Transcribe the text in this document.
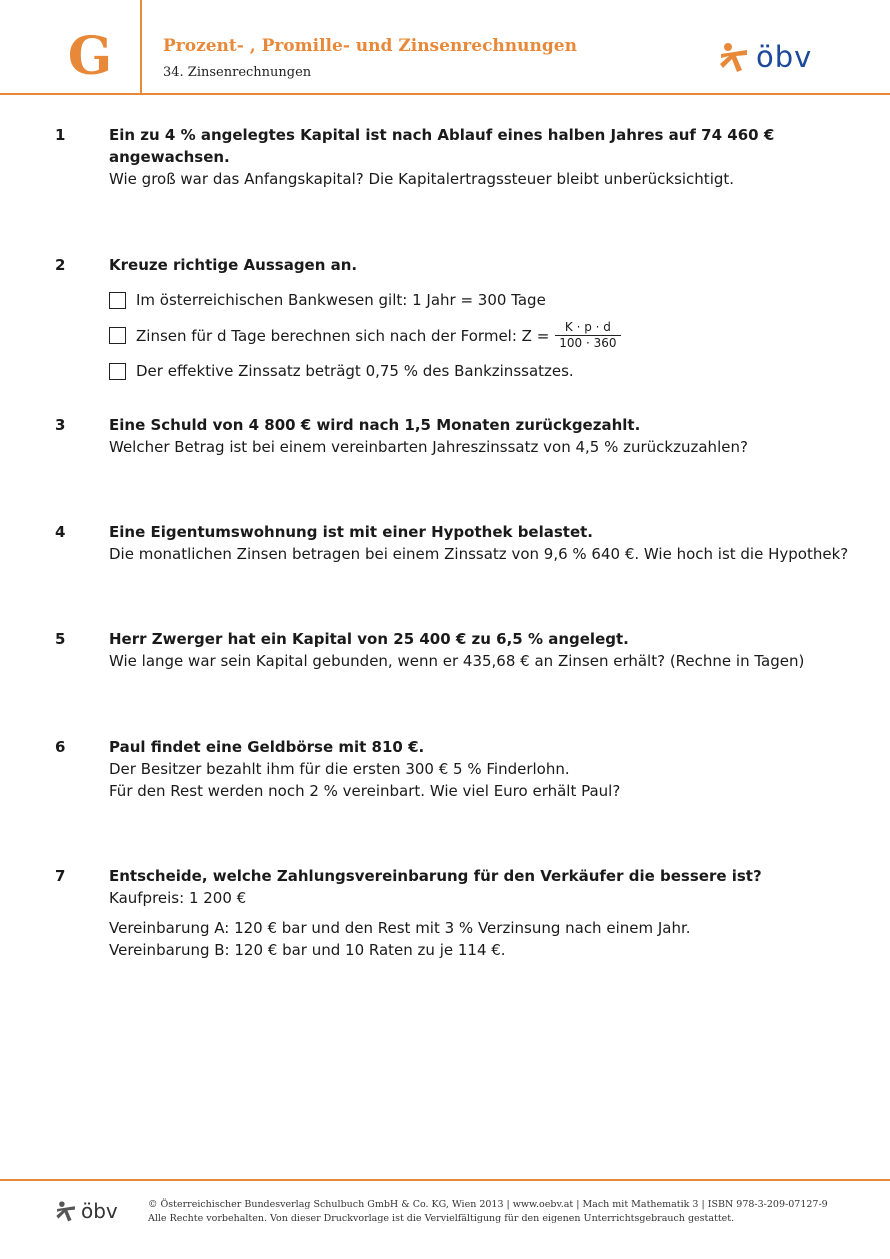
G	Prozent- , Promille- und Zinsenrechnungen
34. Zinsenrechnungen	öbv
1	Ein zu 4 % angelegtes Kapital ist nach Ablauf eines halben Jahres auf 74 460 € angewachsen.
Wie groß war das Anfangskapital? Die Kapitalertragssteuer bleibt unberücksichtigt.
2	Kreuze richtige Aussagen an.
Im österreichischen Bankwesen gilt: 1 Jahr = 300 Tage
Zinsen für d Tage berechnen sich nach der Formel: $Z = \frac{K \cdot p \cdot d}{100 \cdot 360}$
Der effektive Zinssatz beträgt 0,75 % des Bankzinssatzes.
3	Eine Schuld von 4 800 € wird nach 1,5 Monaten zurückgezahlt.
Welcher Betrag ist bei einem vereinbarten Jahreszinssatz von 4,5 % zurückzuzahlen?
4	Eine Eigentumswohnung ist mit einer Hypothek belastet.
Die monatlichen Zinsen betragen bei einem Zinssatz von 9,6 % 640 €. Wie hoch ist die Hypothek?
5	Herr Zwerger hat ein Kapital von 25 400 € zu 6,5 % angelegt.
Wie lange war sein Kapital gebunden, wenn er 435,68 € an Zinsen erhält? (Rechne in Tagen)
6	Paul findet eine Geldbörse mit 810 €.
Der Besitzer bezahlt ihm für die ersten 300 € 5 % Finderlohn.
Für den Rest werden noch 2 % vereinbart. Wie viel Euro erhält Paul?
7	Entscheide, welche Zahlungsvereinbarung für den Verkäufer die bessere ist?
Kaufpreis: 1 200 €
Vereinbarung A: 120 € bar und den Rest mit 3 % Verzinsung nach einem Jahr.
Vereinbarung B: 120 € bar und 10 Raten zu je 114 €.
öbv	© Österreichischer Bundesverlag Schulbuch GmbH & Co. KG, Wien 2013 | www.oebv.at | Mach mit Mathematik 3 | ISBN 978-3-209-07127-9
Alle Rechte vorbehalten. Von dieser Druckvorlage ist die Vervielfältigung für den eigenen Unterrichtsgebrauch gestattet.
